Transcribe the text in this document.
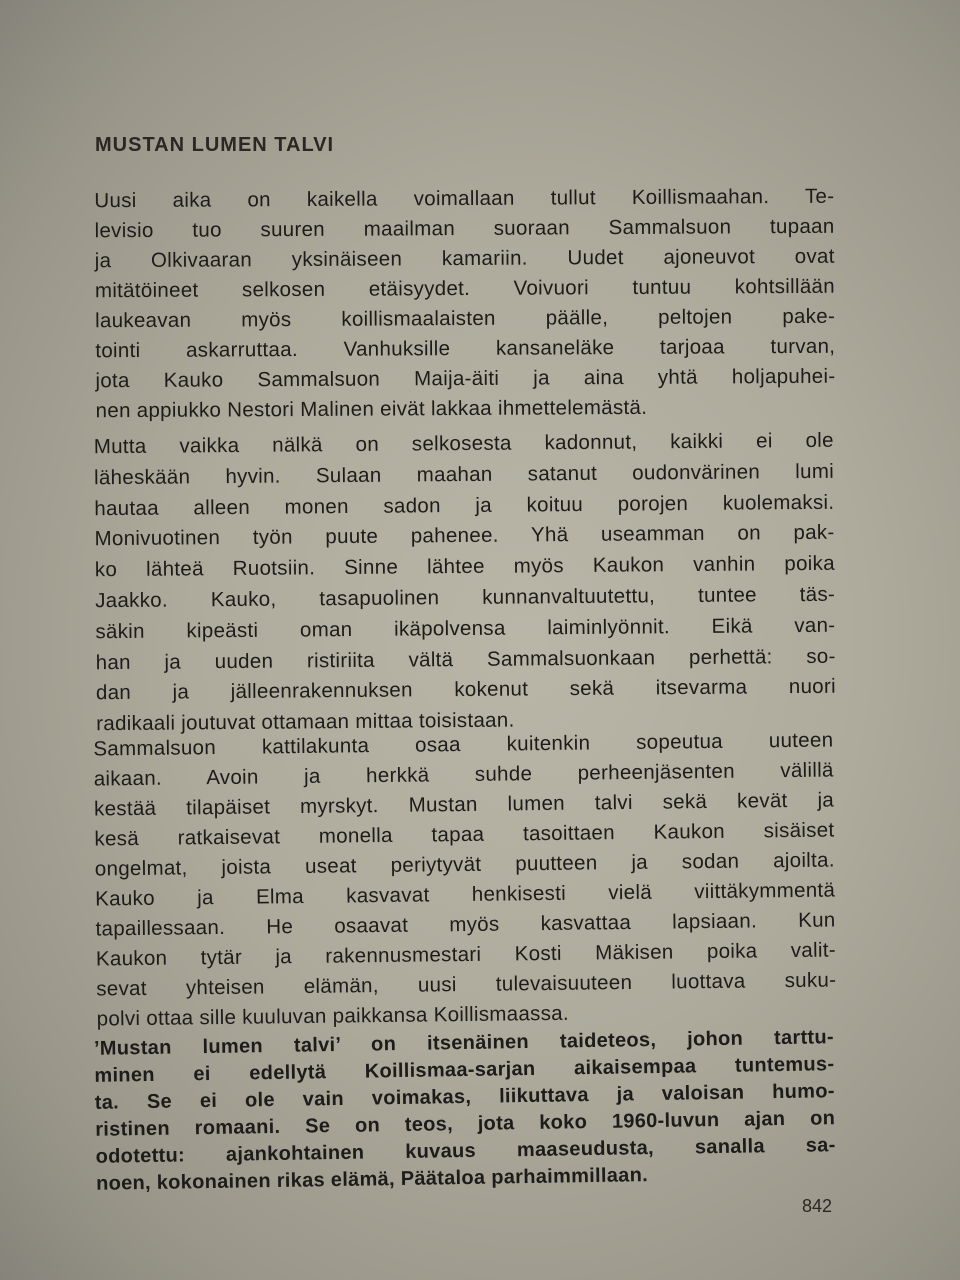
MUSTAN LUMEN TALVI
Uusi aika on kaikella voimallaan tullut Koillismaahan. Te-
levisio tuo suuren maailman suoraan Sammalsuon tupaan
ja Olkivaaran yksinäiseen kamariin. Uudet ajoneuvot ovat
mitätöineet selkosen etäisyydet. Voivuori tuntuu kohtsillään
laukeavan myös koillismaalaisten päälle, peltojen pake-
tointi askarruttaa. Vanhuksille kansaneläke tarjoaa turvan,
jota Kauko Sammalsuon Maija-äiti ja aina yhtä holjapuhei-
nen appiukko Nestori Malinen eivät lakkaa ihmettelemästä.
Mutta vaikka nälkä on selkosesta kadonnut, kaikki ei ole
läheskään hyvin. Sulaan maahan satanut oudonvärinen lumi
hautaa alleen monen sadon ja koituu porojen kuolemaksi.
Monivuotinen työn puute pahenee. Yhä useamman on pak-
ko lähteä Ruotsiin. Sinne lähtee myös Kaukon vanhin poika
Jaakko. Kauko, tasapuolinen kunnanvaltuutettu, tuntee täs-
säkin kipeästi oman ikäpolvensa laiminlyönnit. Eikä van-
han ja uuden ristiriita vältä Sammalsuonkaan perhettä: so-
dan ja jälleenrakennuksen kokenut sekä itsevarma nuori
radikaali joutuvat ottamaan mittaa toisistaan.
Sammalsuon kattilakunta osaa kuitenkin sopeutua uuteen
aikaan. Avoin ja herkkä suhde perheenjäsenten välillä
kestää tilapäiset myrskyt. Mustan lumen talvi sekä kevät ja
kesä ratkaisevat monella tapaa tasoittaen Kaukon sisäiset
ongelmat, joista useat periytyvät puutteen ja sodan ajoilta.
Kauko ja Elma kasvavat henkisesti vielä viittäkymmentä
tapaillessaan. He osaavat myös kasvattaa lapsiaan. Kun
Kaukon tytär ja rakennusmestari Kosti Mäkisen poika valit-
sevat yhteisen elämän, uusi tulevaisuuteen luottava suku-
polvi ottaa sille kuuluvan paikkansa Koillismaassa.
’Mustan lumen talvi’ on itsenäinen taideteos, johon tarttu-
minen ei edellytä Koillismaa-sarjan aikaisempaa tuntemus-
ta. Se ei ole vain voimakas, liikuttava ja valoisan humo-
ristinen romaani. Se on teos, jota koko 1960-luvun ajan on
odotettu: ajankohtainen kuvaus maaseudusta, sanalla sa-
noen, kokonainen rikas elämä, Päätaloa parhaimmillaan.
842
